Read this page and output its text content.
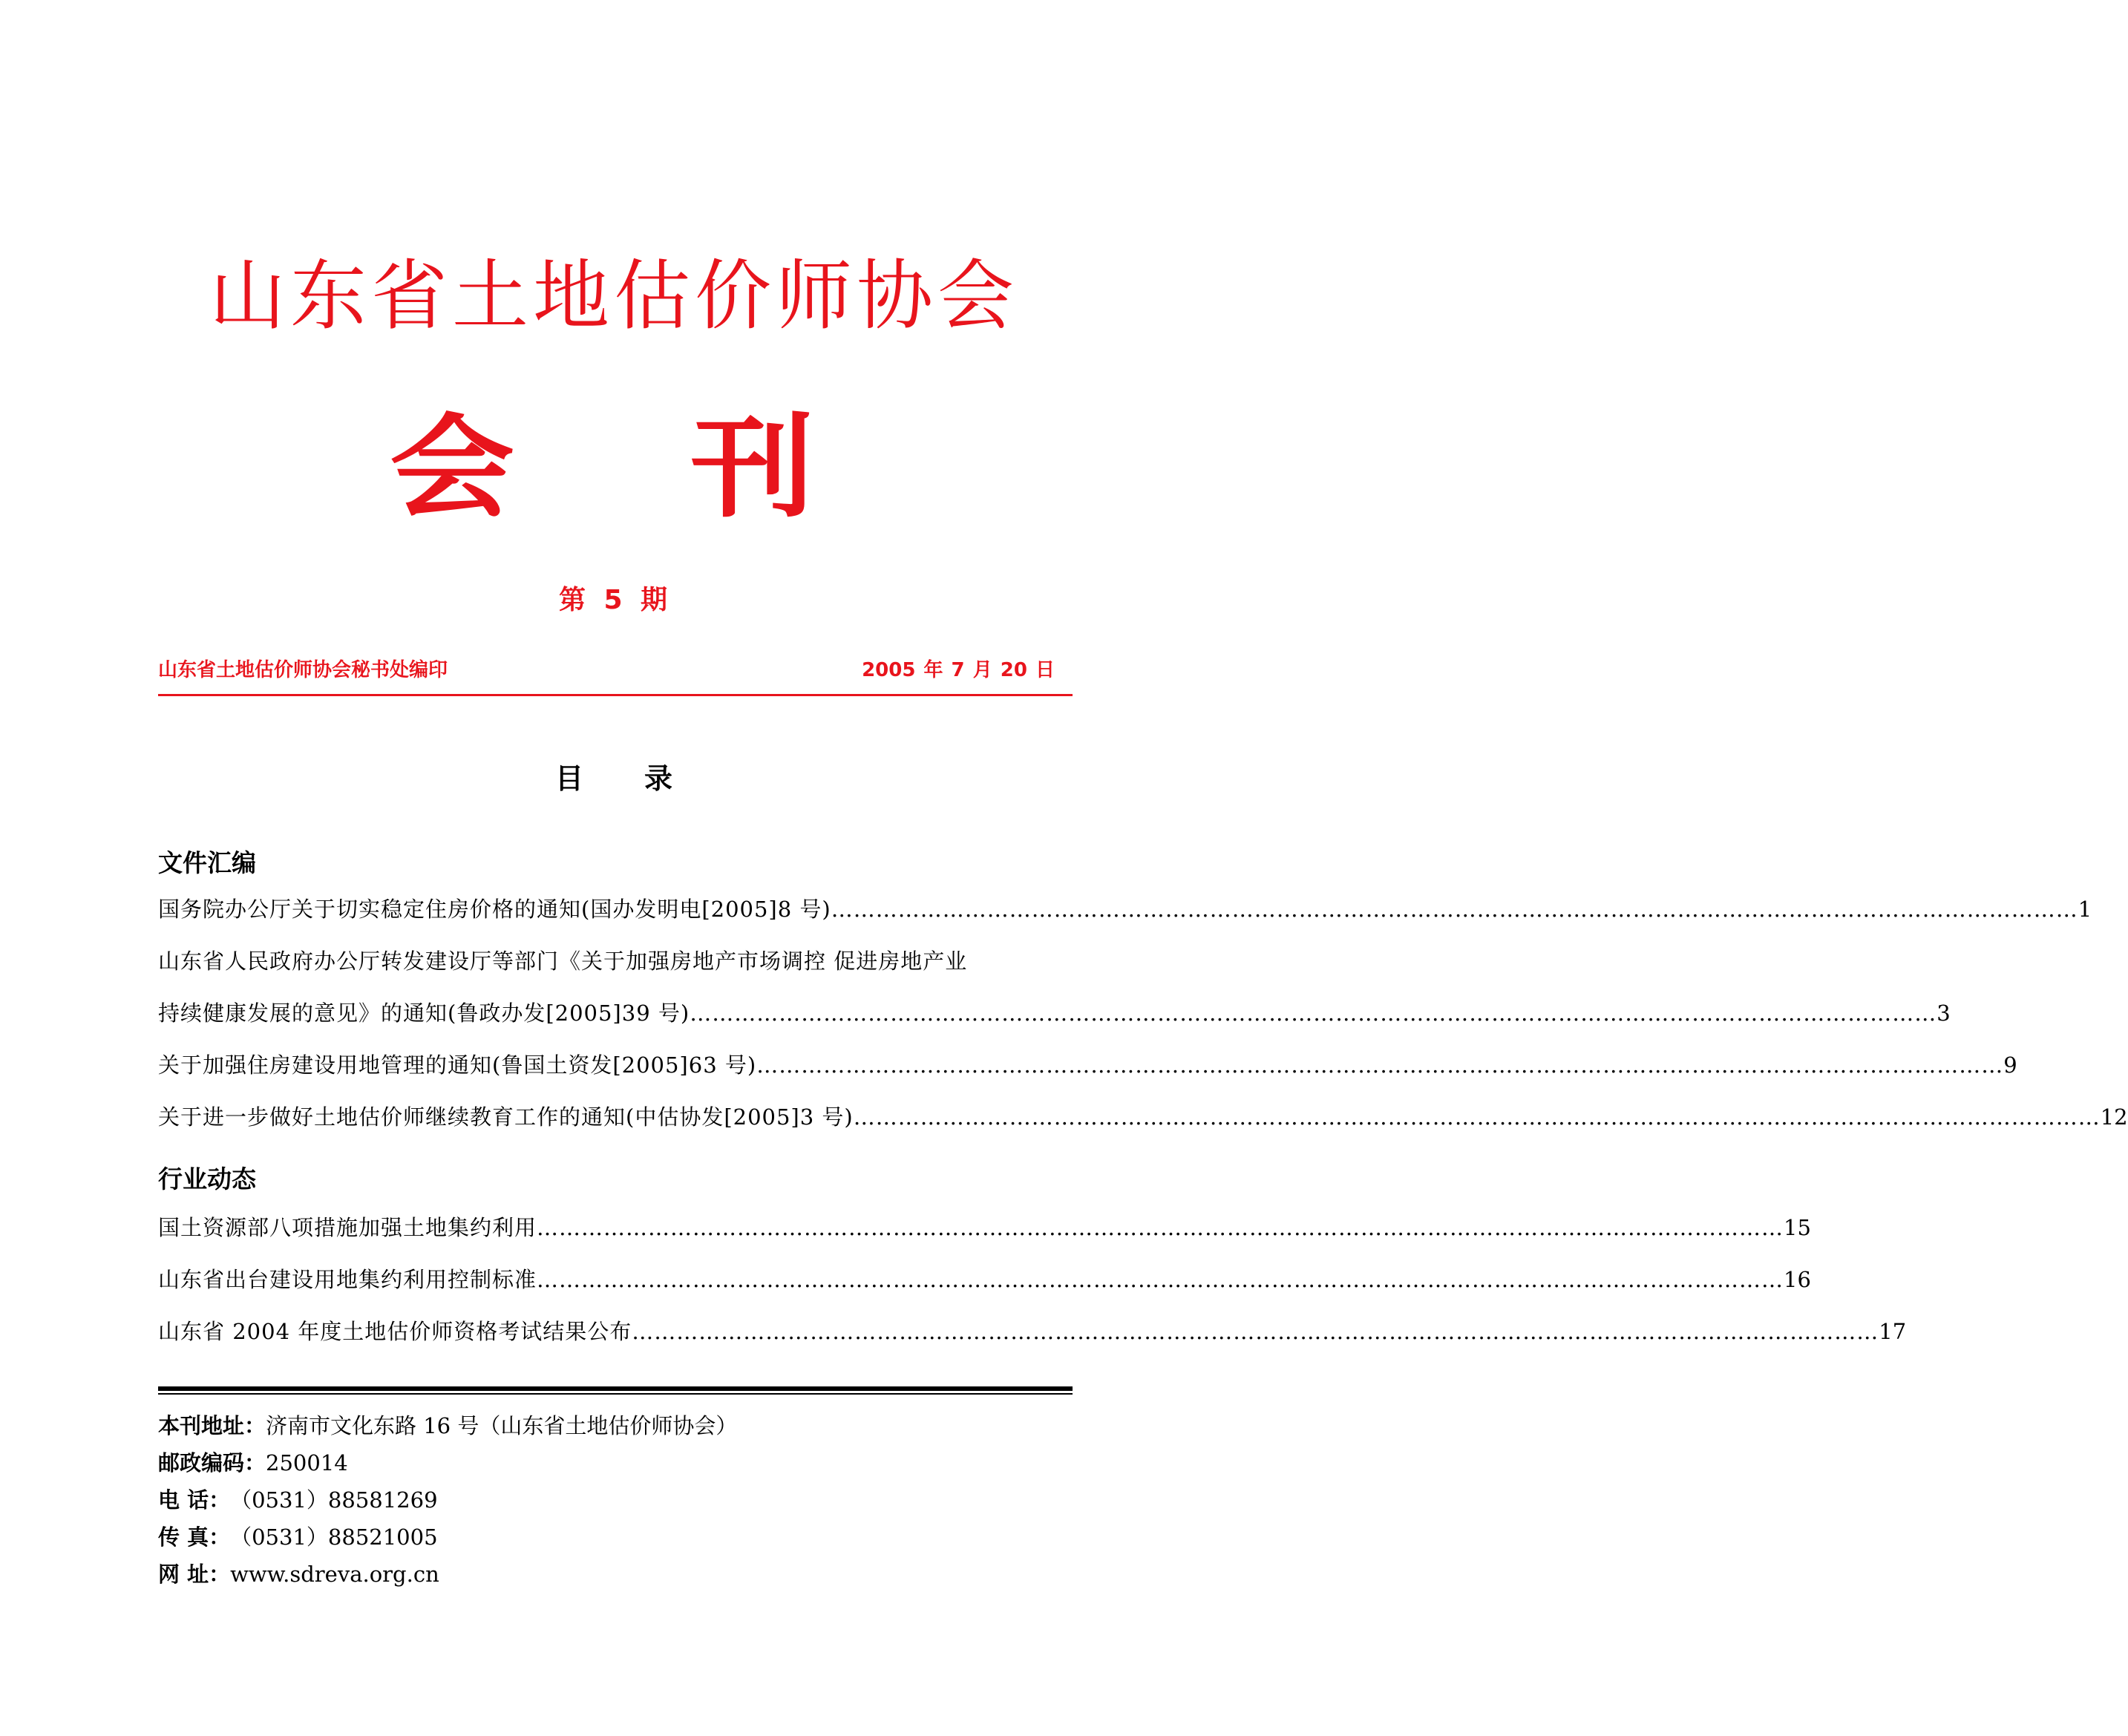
山东省土地估价师协会
会 刊
第 5 期
山东省土地估价师协会秘书处编印	2005 年 7 月 20 日
目录
文件汇编
国务院办公厅关于切实稳定住房价格的通知(国办发明电[2005]8 号) …………………………………………………………………………………………………………………………………………………… 1
山东省人民政府办公厅转发建设厅等部门《关于加强房地产市场调控 促进房地产业
持续健康发展的意见》的通知(鲁政办发[2005]39 号) …………………………………………………………………………………………………………………………………………………… 3
关于加强住房建设用地管理的通知(鲁国土资发[2005]63 号) …………………………………………………………………………………………………………………………………………………… 9
关于进一步做好土地估价师继续教育工作的通知(中估协发[2005]3 号) …………………………………………………………………………………………………………………………………………………… 12
行业动态
国土资源部八项措施加强土地集约利用 …………………………………………………………………………………………………………………………………………………… 15
山东省出台建设用地集约利用控制标准 …………………………………………………………………………………………………………………………………………………… 16
山东省 2004 年度土地估价师资格考试结果公布 …………………………………………………………………………………………………………………………………………………… 17
本刊地址：济南市文化东路 16 号（山东省土地估价师协会）
邮政编码：250014
电 话：（0531）88581269
传 真：（0531）88521005
网 址：www.sdreva.org.cn
